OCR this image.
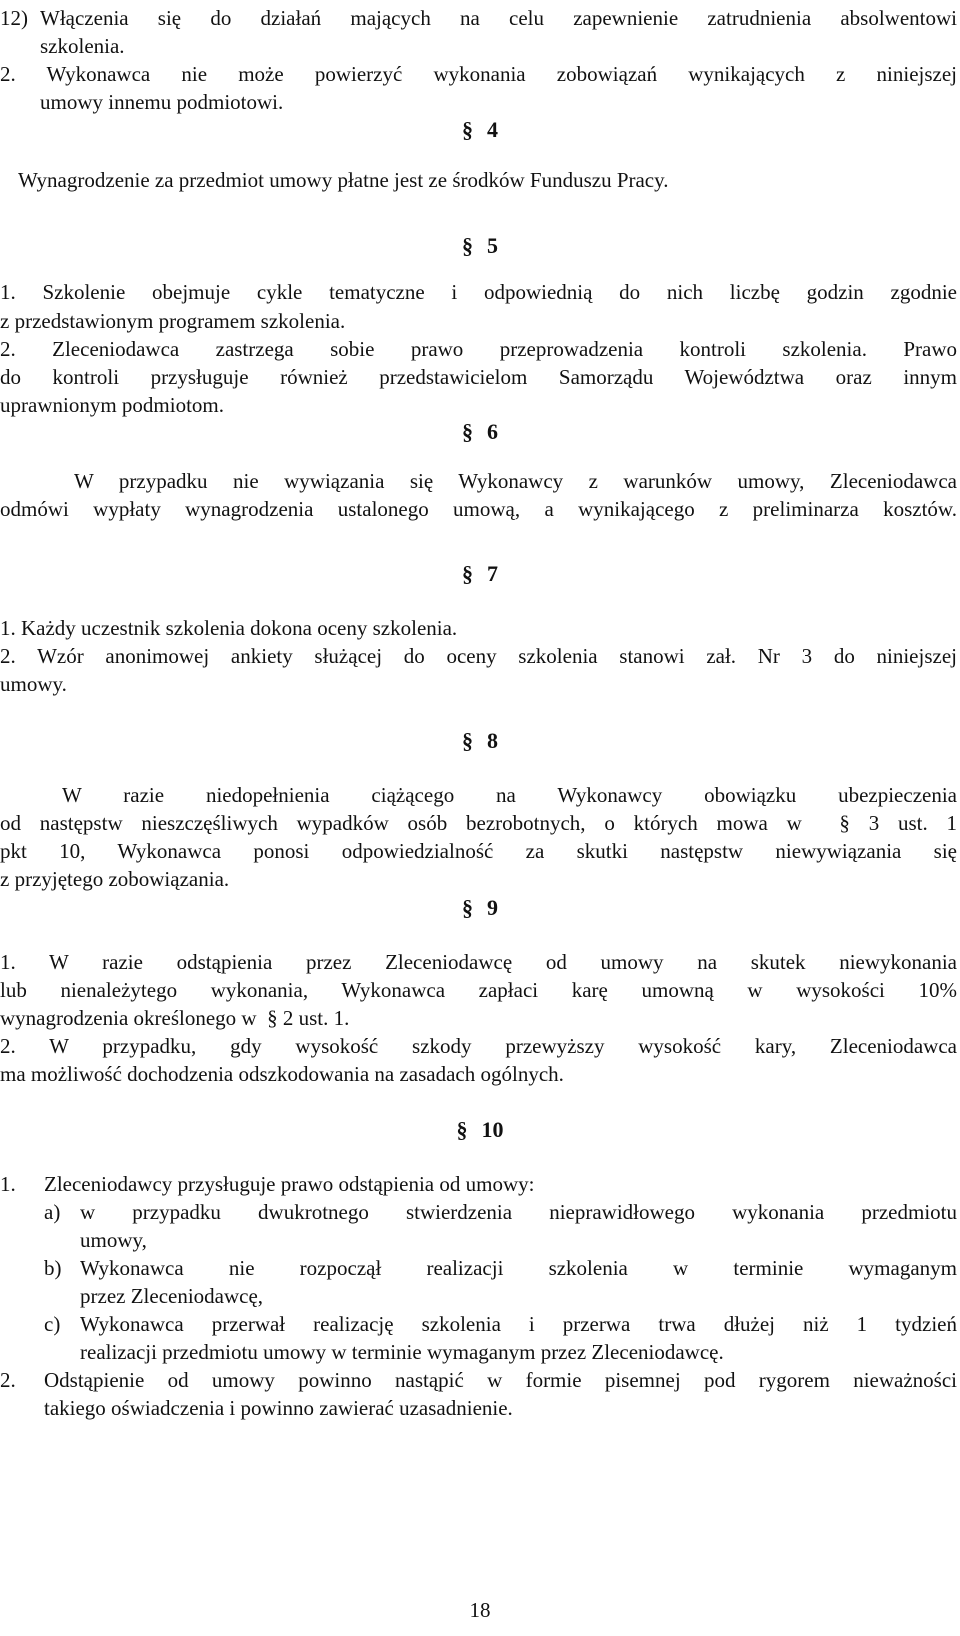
12) Włączenia się do działań mających na celu zapewnienie zatrudnienia absolwentowi
szkolenia.
2. Wykonawca nie może powierzyć wykonania zobowiązań wynikających z niniejszej
umowy innemu podmiotowi.
§ 4
Wynagrodzenie za przedmiot umowy płatne jest ze środków Funduszu Pracy.
§ 5
1. Szkolenie obejmuje cykle tematyczne i odpowiednią do nich liczbę godzin zgodnie
z przedstawionym programem szkolenia.
2. Zleceniodawca zastrzega sobie prawo przeprowadzenia kontroli szkolenia. Prawo
do kontroli przysługuje również przedstawicielom Samorządu Województwa oraz innym
uprawnionym podmiotom.
§ 6
W przypadku nie wywiązania się Wykonawcy z warunków umowy, Zleceniodawca
odmówi wypłaty wynagrodzenia ustalonego umową, a wynikającego z preliminarza kosztów.
§ 7
1. Każdy uczestnik szkolenia dokona oceny szkolenia.
2. Wzór anonimowej ankiety służącej do oceny szkolenia stanowi zał. Nr 3 do niniejszej
umowy.
§ 8
W razie niedopełnienia ciążącego na Wykonawcy obowiązku ubezpieczenia
od następstw nieszczęśliwych wypadków osób bezrobotnych, o których mowa w § 3 ust. 1
pkt 10, Wykonawca ponosi odpowiedzialność za skutki następstw niewywiązania się
z przyjętego zobowiązania.
§ 9
1. W razie odstąpienia przez Zleceniodawcę od umowy na skutek niewykonania
lub nienależytego wykonania, Wykonawca zapłaci karę umowną w wysokości 10%
wynagrodzenia określonego w § 2 ust. 1.
2. W przypadku, gdy wysokość szkody przewyższy wysokość kary, Zleceniodawca
ma możliwość dochodzenia odszkodowania na zasadach ogólnych.
§ 10
1. Zleceniodawcy przysługuje prawo odstąpienia od umowy:
a) w przypadku dwukrotnego stwierdzenia nieprawidłowego wykonania przedmiotu
umowy,
b) Wykonawca nie rozpoczął realizacji szkolenia w terminie wymaganym
przez Zleceniodawcę,
c) Wykonawca przerwał realizację szkolenia i przerwa trwa dłużej niż 1 tydzień
realizacji przedmiotu umowy w terminie wymaganym przez Zleceniodawcę.
2. Odstąpienie od umowy powinno nastąpić w formie pisemnej pod rygorem nieważności
takiego oświadczenia i powinno zawierać uzasadnienie.
18
